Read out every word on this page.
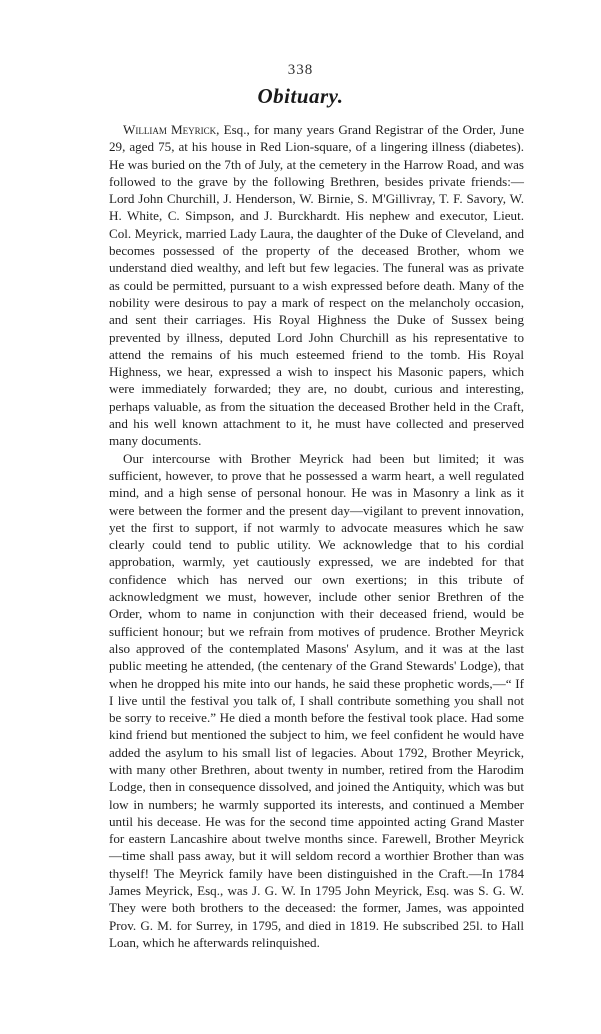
338
Obituary.

William Meyrick, Esq., for many years Grand Registrar of the Order, June 29, aged 75, at his house in Red Lion-square, of a lingering illness (diabetes). He was buried on the 7th of July, at the cemetery in the Harrow Road, and was followed to the grave by the following Brethren, besides private friends:—Lord John Churchill, J. Henderson, W. Birnie, S. M'Gillivray, T. F. Savory, W. H. White, C. Simpson, and J. Burckhardt. His nephew and executor, Lieut. Col. Meyrick, married Lady Laura, the daughter of the Duke of Cleveland, and becomes possessed of the property of the deceased Brother, whom we understand died wealthy, and left but few legacies. The funeral was as private as could be permitted, pursuant to a wish expressed before death. Many of the nobility were desirous to pay a mark of respect on the melancholy occasion, and sent their carriages. His Royal Highness the Duke of Sussex being prevented by illness, deputed Lord John Churchill as his representative to attend the remains of his much esteemed friend to the tomb. His Royal Highness, we hear, expressed a wish to inspect his Masonic papers, which were immediately forwarded; they are, no doubt, curious and interesting, perhaps valuable, as from the situation the deceased Brother held in the Craft, and his well known attachment to it, he must have collected and preserved many documents.

Our intercourse with Brother Meyrick had been but limited; it was sufficient, however, to prove that he possessed a warm heart, a well regulated mind, and a high sense of personal honour. He was in Masonry a link as it were between the former and the present day—vigilant to prevent innovation, yet the first to support, if not warmly to advocate measures which he saw clearly could tend to public utility. We acknowledge that to his cordial approbation, warmly, yet cautiously expressed, we are indebted for that confidence which has nerved our own exertions; in this tribute of acknowledgment we must, however, include other senior Brethren of the Order, whom to name in conjunction with their deceased friend, would be sufficient honour; but we refrain from motives of prudence. Brother Meyrick also approved of the contemplated Masons' Asylum, and it was at the last public meeting he attended, (the centenary of the Grand Stewards' Lodge), that when he dropped his mite into our hands, he said these prophetic words,—“ If I live until the festival you talk of, I shall contribute something you shall not be sorry to receive.” He died a month before the festival took place. Had some kind friend but mentioned the subject to him, we feel confident he would have added the asylum to his small list of legacies. About 1792, Brother Meyrick, with many other Brethren, about twenty in number, retired from the Harodim Lodge, then in consequence dissolved, and joined the Antiquity, which was but low in numbers; he warmly supported its interests, and continued a Member until his decease. He was for the second time appointed acting Grand Master for eastern Lancashire about twelve months since. Farewell, Brother Meyrick—time shall pass away, but it will seldom record a worthier Brother than was thyself! The Meyrick family have been distinguished in the Craft.—In 1784 James Meyrick, Esq., was J. G. W. In 1795 John Meyrick, Esq. was S. G. W. They were both brothers to the deceased: the former, James, was appointed Prov. G. M. for Surrey, in 1795, and died in 1819. He subscribed 25l. to Hall Loan, which he afterwards relinquished.
